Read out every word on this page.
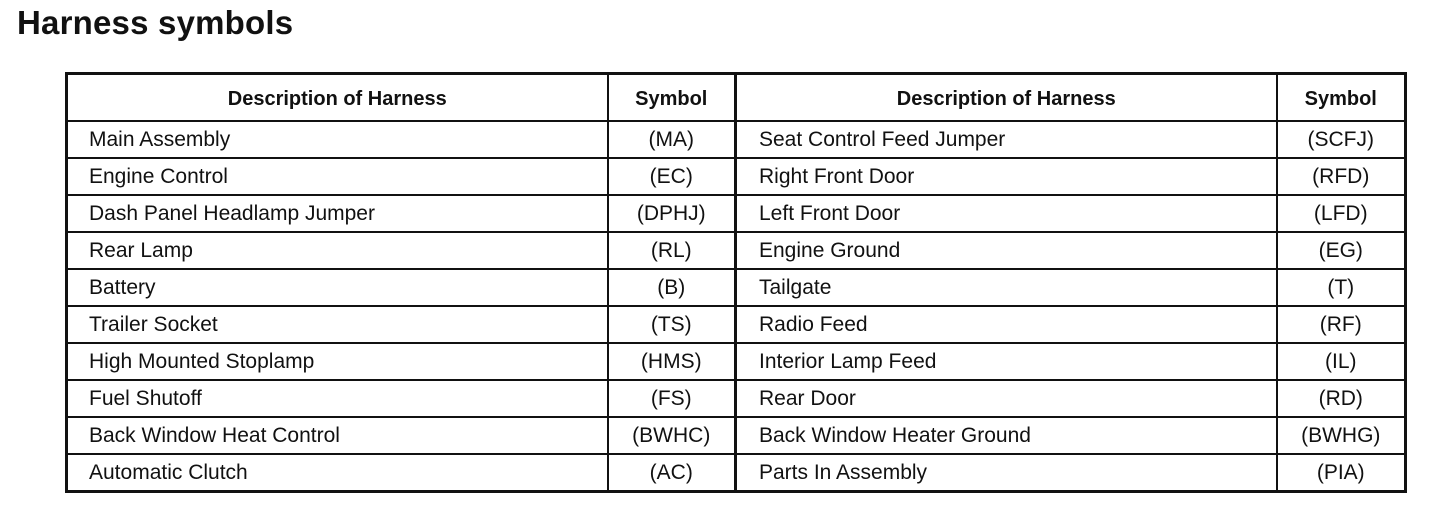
Harness symbols
Description of Harness	Symbol	Description of Harness	Symbol
Main Assembly	(MA)	Seat Control Feed Jumper	(SCFJ)
Engine Control	(EC)	Right Front Door	(RFD)
Dash Panel Headlamp Jumper	(DPHJ)	Left Front Door	(LFD)
Rear Lamp	(RL)	Engine Ground	(EG)
Battery	(B)	Tailgate	(T)
Trailer Socket	(TS)	Radio Feed	(RF)
High Mounted Stoplamp	(HMS)	Interior Lamp Feed	(IL)
Fuel Shutoff	(FS)	Rear Door	(RD)
Back Window Heat Control	(BWHC)	Back Window Heater Ground	(BWHG)
Automatic Clutch	(AC)	Parts In Assembly	(PIA)
